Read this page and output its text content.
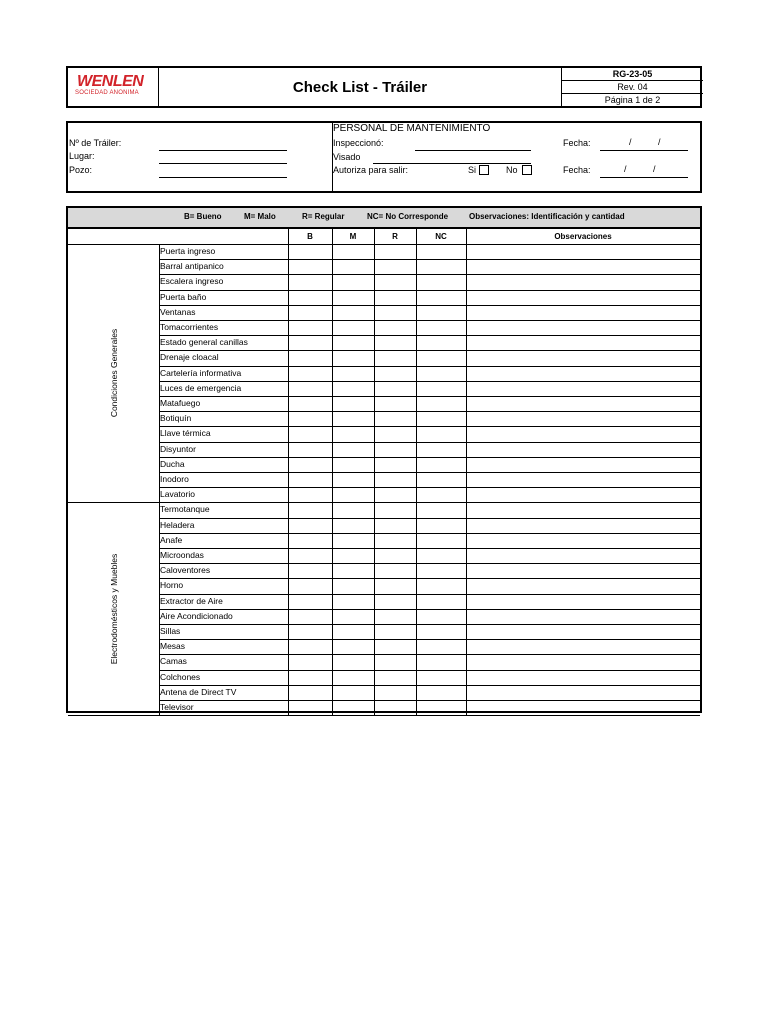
WENLEN
SOCIEDAD ANONIMA	Check List - Tráiler
RG-23-05
Rev. 04
Página 1 de 2
Nº de Tráiler:
Lugar:
Pozo:
PERSONAL DE MANTENIMIENTO
Inspeccionó:
Visado
Autoriza para salir:	Si	No
Fecha:	/	/
Fecha:	/	/
B= Bueno	M= Malo	R= Regular	NC= No Corresponde	Observaciones: Identificación y cantidad
B	M	R	NC	Observaciones
Puerta ingreso
Barral antipanico
Escalera ingreso
Puerta baño
Ventanas
Tomacorrientes
Estado general canillas
Drenaje cloacal
Cartelería informativa
Luces de emergencia
Matafuego
Botiquín
Llave térmica
Disyuntor
Ducha
Inodoro
Lavatorio
Condiciones Generales
Termotanque
Heladera
Anafe
Microondas
Caloventores
Horno
Extractor de Aire
Aire Acondicionado
Sillas
Mesas
Camas
Colchones
Antena de Direct TV
Televisor
Electrodomésticos y Muebles
